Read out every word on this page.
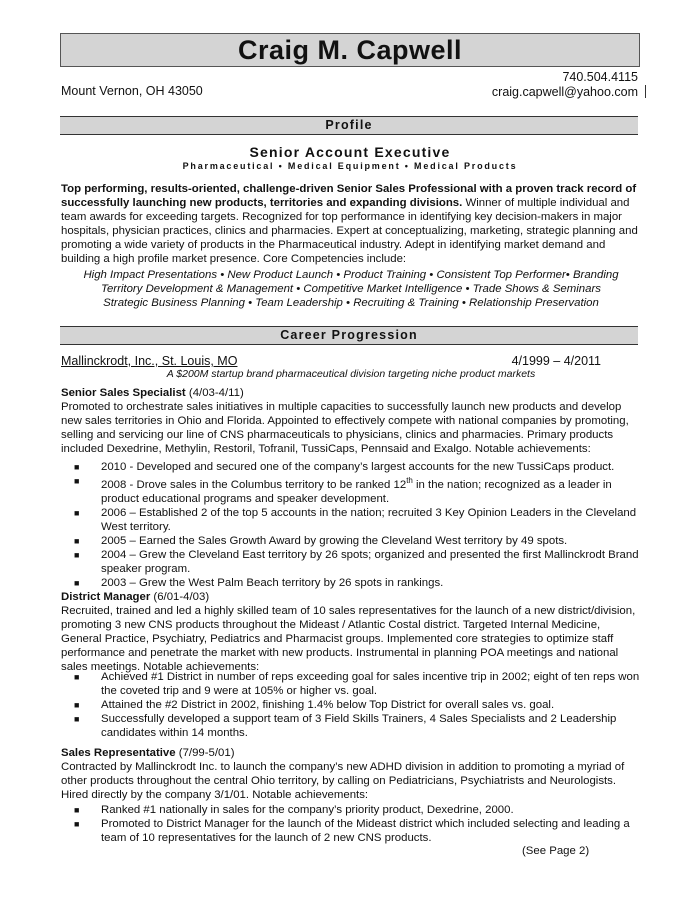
Craig M. Capwell
Mount Vernon, OH 43050
740.504.4115
craig.capwell@yahoo.com
Profile
Senior Account Executive
Pharmaceutical • Medical Equipment • Medical Products
Top performing, results-oriented, challenge-driven Senior Sales Professional with a proven track record of successfully launching new products, territories and expanding divisions. Winner of multiple individual and team awards for exceeding targets. Recognized for top performance in identifying key decision-makers in major hospitals, physician practices, clinics and pharmacies. Expert at conceptualizing, marketing, strategic planning and promoting a wide variety of products in the Pharmaceutical industry. Adept in identifying market demand and building a high profile market presence. Core Competencies include:
High Impact Presentations • New Product Launch • Product Training • Consistent Top Performer• Branding
Territory Development & Management • Competitive Market Intelligence • Trade Shows & Seminars
Strategic Business Planning • Team Leadership • Recruiting & Training • Relationship Preservation
Career Progression
Mallinckrodt, Inc., St. Louis, MO	4/1999 – 4/2011
A $200M startup brand pharmaceutical division targeting niche product markets
Senior Sales Specialist (4/03-4/11)
Promoted to orchestrate sales initiatives in multiple capacities to successfully launch new products and develop new sales territories in Ohio and Florida. Appointed to effectively compete with national companies by promoting, selling and servicing our line of CNS pharmaceuticals to physicians, clinics and pharmacies. Primary products included Dexedrine, Methylin, Restoril, Tofranil, TussiCaps, Pennsaid and Exalgo. Notable achievements:
■ 2010 - Developed and secured one of the company’s largest accounts for the new TussiCaps product.
■ 2008 - Drove sales in the Columbus territory to be ranked 12th in the nation; recognized as a leader in product educational programs and speaker development.
■ 2006 – Established 2 of the top 5 accounts in the nation; recruited 3 Key Opinion Leaders in the Cleveland West territory.
■ 2005 – Earned the Sales Growth Award by growing the Cleveland West territory by 49 spots.
■ 2004 – Grew the Cleveland East territory by 26 spots; organized and presented the first Mallinckrodt Brand speaker program.
■ 2003 – Grew the West Palm Beach territory by 26 spots in rankings.
District Manager (6/01-4/03)
Recruited, trained and led a highly skilled team of 10 sales representatives for the launch of a new district/division, promoting 3 new CNS products throughout the Mideast / Atlantic Costal district. Targeted Internal Medicine, General Practice, Psychiatry, Pediatrics and Pharmacist groups. Implemented core strategies to optimize staff performance and penetrate the market with new products. Instrumental in planning POA meetings and national sales meetings. Notable achievements:
■ Achieved #1 District in number of reps exceeding goal for sales incentive trip in 2002; eight of ten reps won the coveted trip and 9 were at 105% or higher vs. goal.
■ Attained the #2 District in 2002, finishing 1.4% below Top District for overall sales vs. goal.
■ Successfully developed a support team of 3 Field Skills Trainers, 4 Sales Specialists and 2 Leadership candidates within 14 months.
Sales Representative (7/99-5/01)
Contracted by Mallinckrodt Inc. to launch the company’s new ADHD division in addition to promoting a myriad of other products throughout the central Ohio territory, by calling on Pediatricians, Psychiatrists and Neurologists. Hired directly by the company 3/1/01. Notable achievements:
■ Ranked #1 nationally in sales for the company’s priority product, Dexedrine, 2000.
■ Promoted to District Manager for the launch of the Mideast district which included selecting and leading a team of 10 representatives for the launch of 2 new CNS products.
(See Page 2)
